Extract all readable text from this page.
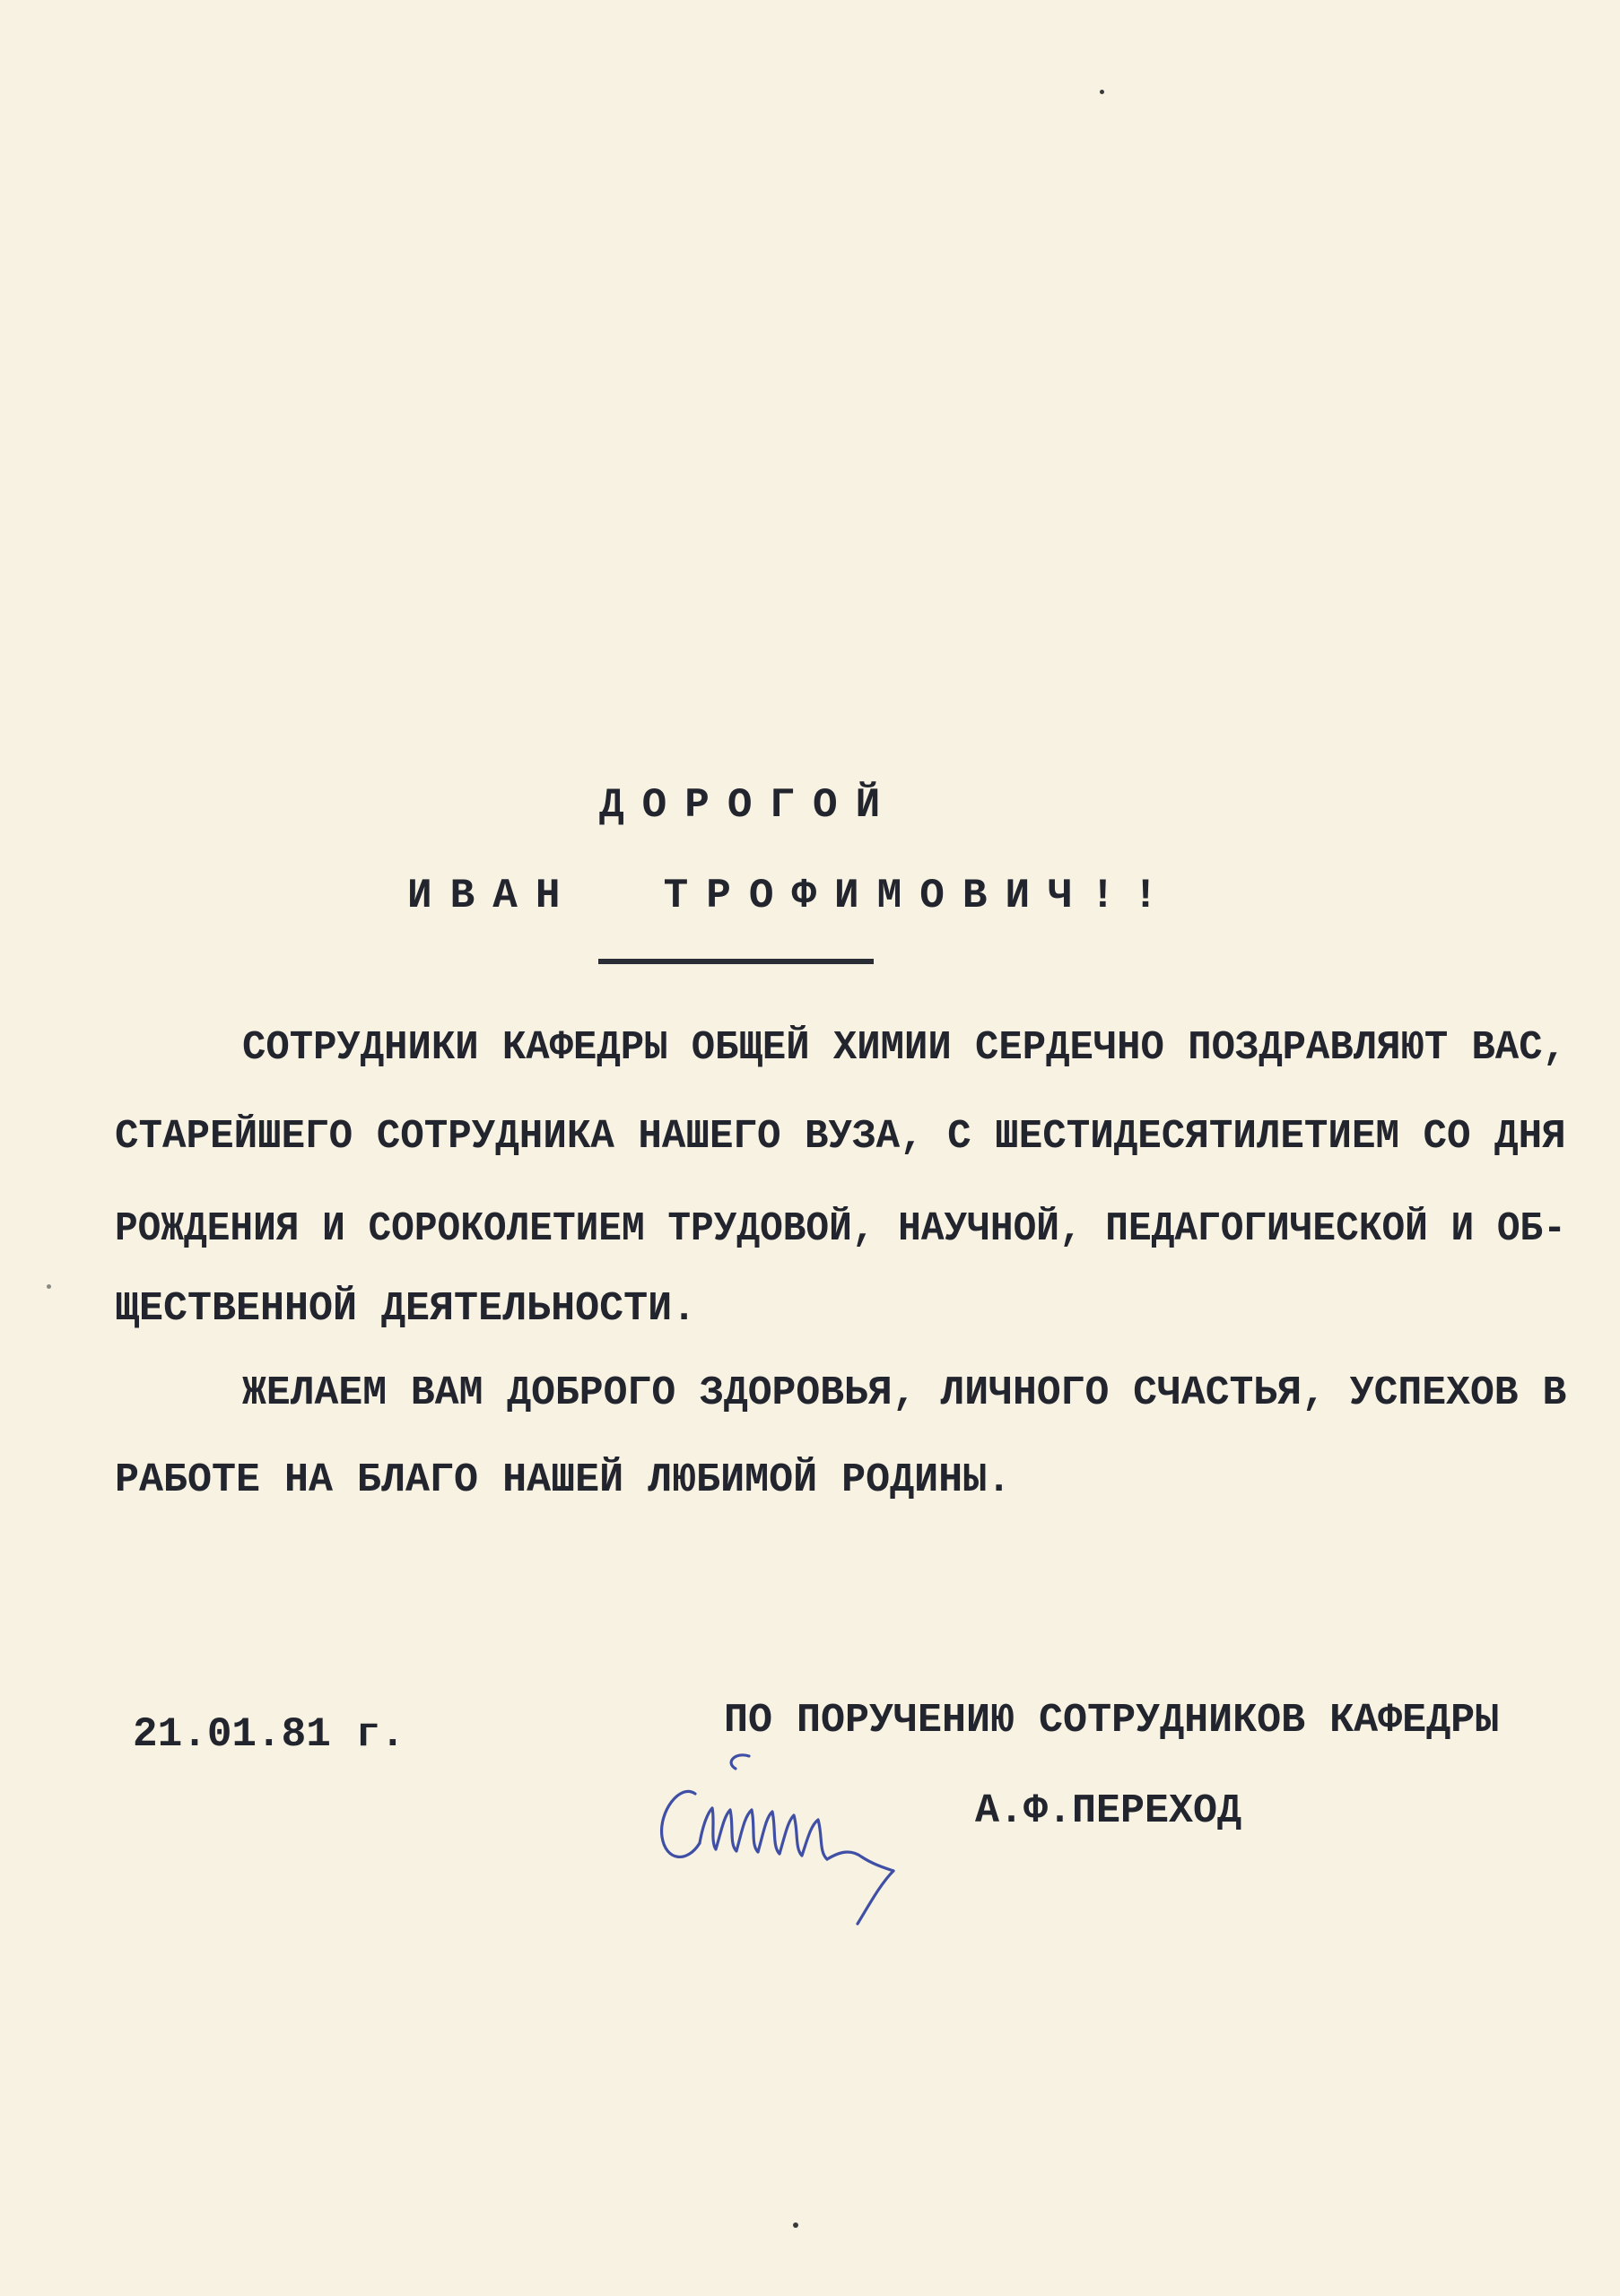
ДОРОГОЙ
ИВАН  ТРОФИМОВИЧ!!
СОТРУДНИКИ КАФЕДРЫ ОБЩЕЙ ХИМИИ СЕРДЕЧНО ПОЗДРАВЛЯЮТ ВАС,
СТАРЕЙШЕГО СОТРУДНИКА НАШЕГО ВУЗА, С ШЕСТИДЕСЯТИЛЕТИЕМ СО ДНЯ
РОЖДЕНИЯ И СОРОКОЛЕТИЕМ ТРУДОВОЙ, НАУЧНОЙ, ПЕДАГОГИЧЕСКОЙ И ОБ-
ЩЕСТВЕННОЙ ДЕЯТЕЛЬНОСТИ.
ЖЕЛАЕМ ВАМ ДОБРОГО ЗДОРОВЬЯ, ЛИЧНОГО СЧАСТЬЯ, УСПЕХОВ В
РАБОТЕ НА БЛАГО НАШЕЙ ЛЮБИМОЙ РОДИНЫ.
21.01.81 г.	ПО ПОРУЧЕНИЮ СОТРУДНИКОВ КАФЕДРЫ
А.Ф.ПЕРЕХОД
